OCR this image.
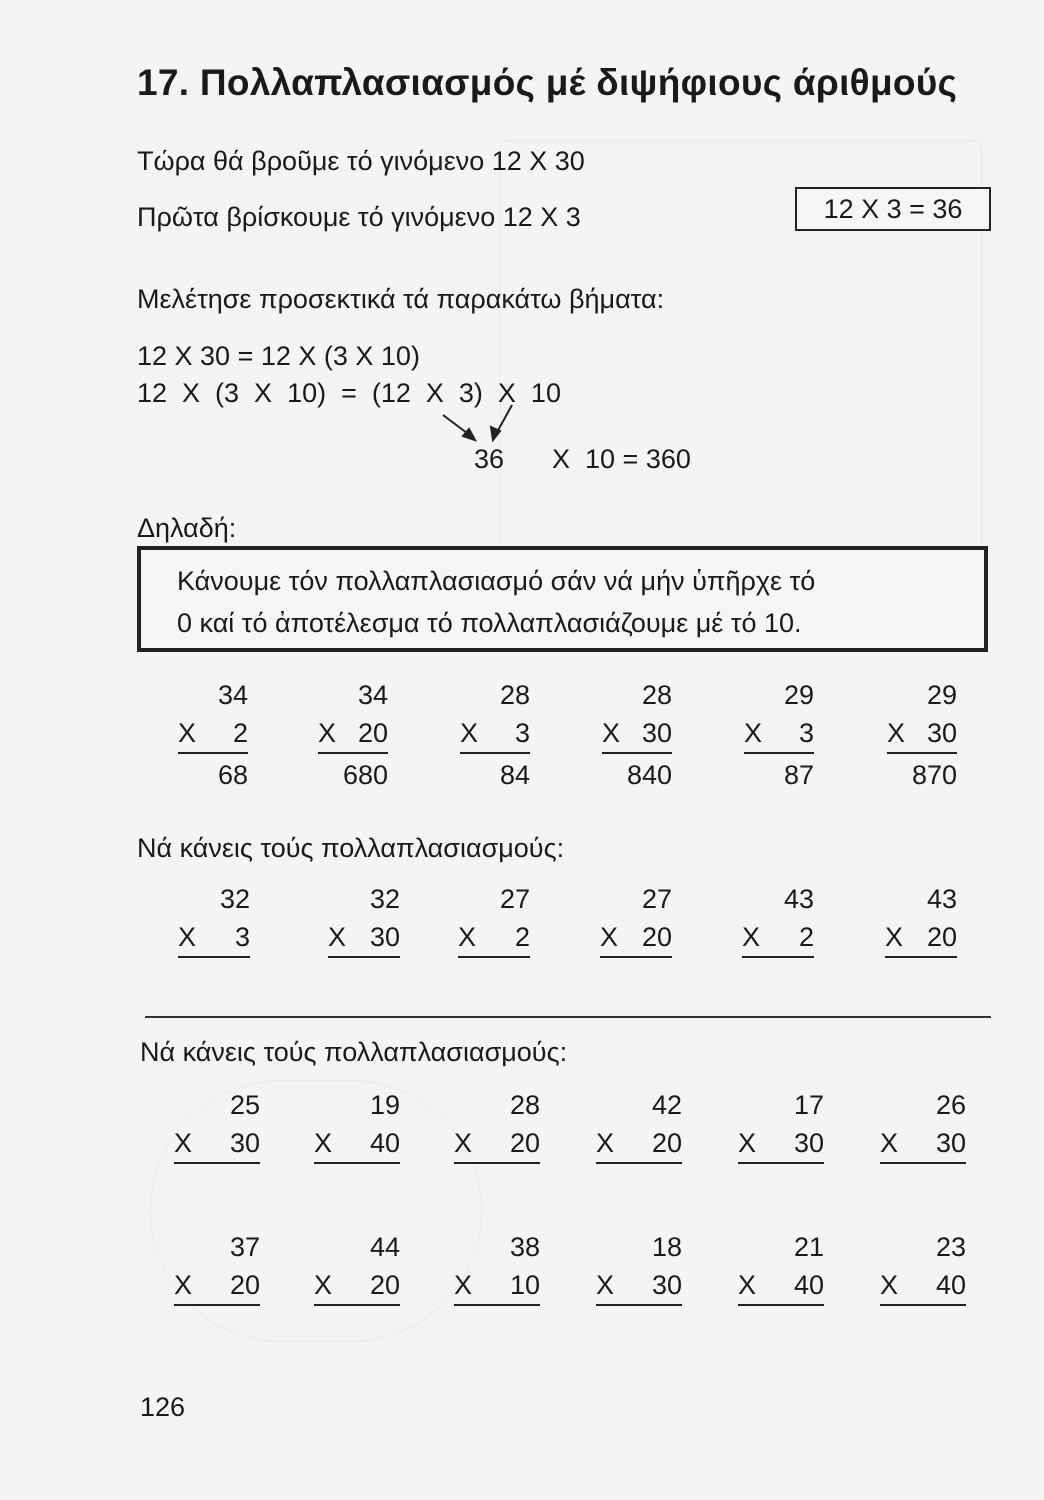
17. Πολλαπλασιασμός μέ διψήφιους άριθμούς
Τώρα θά βροῦμε τό γινόμενο 12 Χ 30
Πρῶτα βρίσκουμε τό γινόμενο 12 Χ 3	12 Χ 3 = 36
Μελέτησε προσεκτικά τά παρακάτω βήματα:
12 Χ 30 = 12 Χ (3 Χ 10)
12  Χ  (3  Χ  10)  =  (12  Χ  3)  Χ  10
36 Χ  10 = 360
Δηλαδή:
Κάνουμε τόν πολλαπλασιασμό σάν νά μήν ὑπῆρχε τό
0 καί τό ἀποτέλεσμα τό πολλαπλασιάζουμε μέ τό 10.
34
Χ 2
68
34
Χ 20
680
28
Χ 3
84
28
Χ 30
840
29
Χ 3
87
29
Χ 30
870
Νά κάνεις τούς πολλαπλασιασμούς:
32
Χ 3
32
Χ 30
27
Χ 2
27
Χ 20
43
Χ 2
43
Χ 20
Νά κάνεις τούς πολλαπλασιασμούς:
25
Χ 30
19
Χ 40
28
Χ 20
42
Χ 20
17
Χ 30
26
Χ 30
37
Χ 20
44
Χ 20
38
Χ 10
18
Χ 30
21
Χ 40
23
Χ 40
126
